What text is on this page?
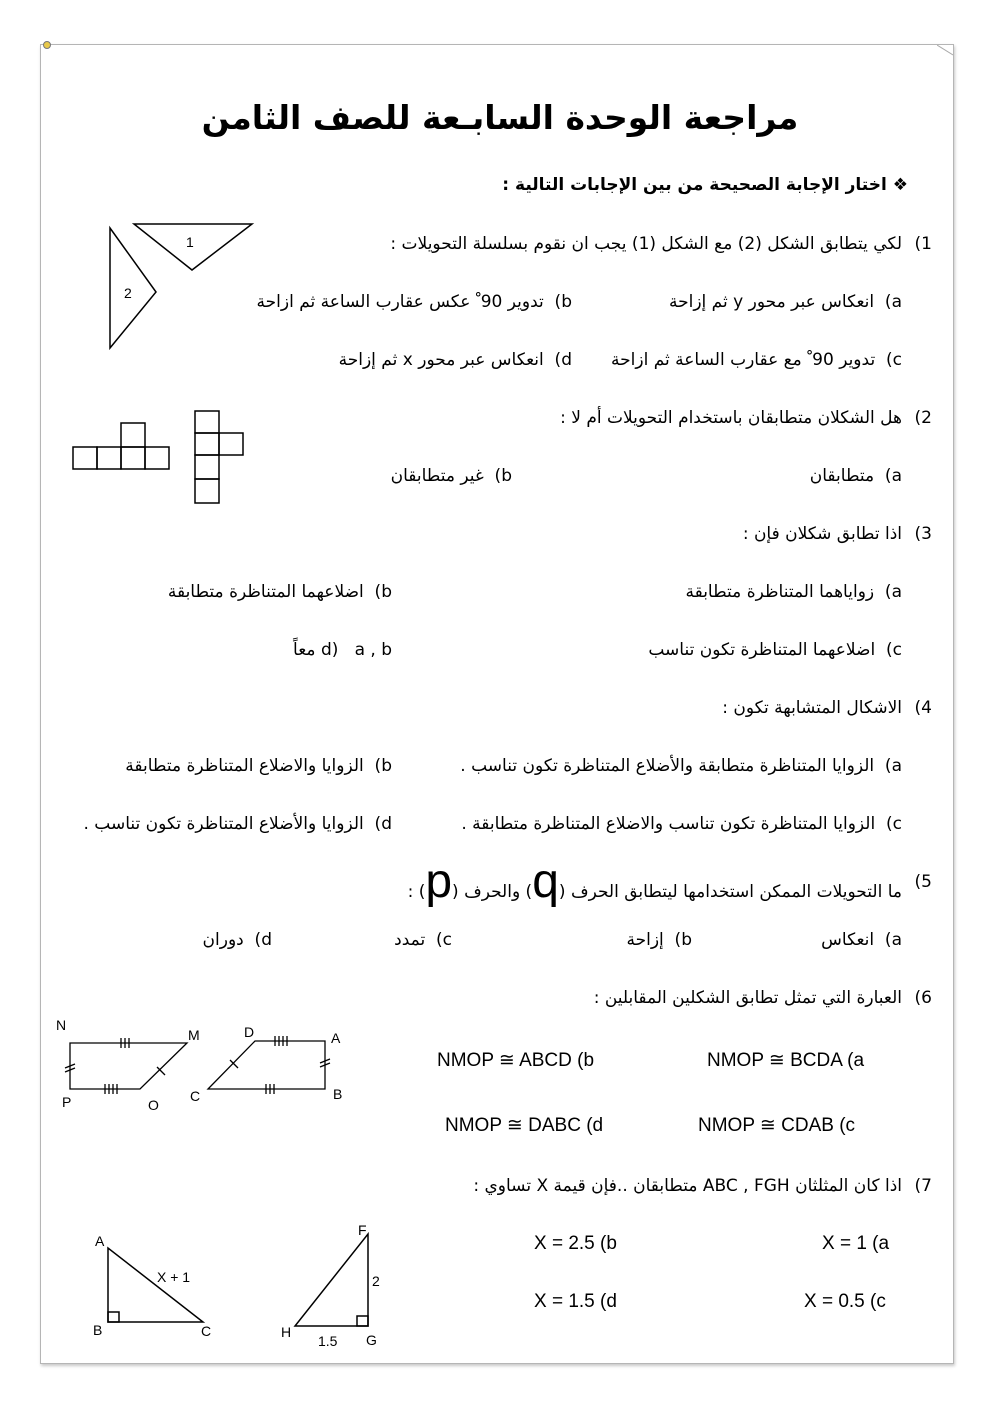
مراجعة الوحدة السابـعة للصف الثامن
❖ اختار الإجابة الصحيحة من بين الإجابات التالية :
1)
لكي يتطابق الشكل (2) مع الشكل (1) يجب ان نقوم بسلسلة التحويلات :
a)  انعكاس عبر محور y ثم إزاحة
b)  تدوير 90 ْ عكس عقارب الساعة ثم ازاحة
c)  تدوير 90 ْ مع عقارب الساعة ثم ازاحة
d)  انعكاس عبر محور x ثم إزاحة
1
2
2)
هل الشكلان متطابقان باستخدام التحويلات أم لا :
a)  متطابقان
b)  غير متطابقان
3)
اذا تطابق شكلان فإن :
a)  زواياهما المتناظرة متطابقة
b)  اضلاعهما المتناظرة متطابقة
c)  اضلاعهما المتناظرة تكون تناسب
d)   a , b معاً
4)
الاشكال المتشابهة تكون :
a)  الزوايا المتناظرة متطابقة والأضلاع المتناظرة تكون تناسب .
b)  الزوايا والاضلاع المتناظرة متطابقة
c)  الزوايا المتناظرة تكون تناسب والاضلاع المتناظرة متطابقة .
d)  الزوايا والأضلاع المتناظرة تكون تناسب .
5)
ما التحويلات الممكن استخدامها ليتطابق الحرف (q) والحرف (p) :
a)  انعكاس
b)  إزاحة
c)  تمدد
d)  دوران
6)
العبارة التي تمثل تطابق الشكلين المقابلين :
NMOP ≅ BCDA (a
NMOP ≅ ABCD (b
NMOP ≅ CDAB (c
NMOP ≅ DABC (d
N
M
P	O
D	A
C	B
7)
اذا كان المثلثان ABC , FGH متطابقان ..فإن قيمة X تساوي :
X = 1 (a
X = 2.5 (b
X = 0.5 (c
X = 1.5 (d
A
B	C
X + 1
F
H	G
2
1.5
